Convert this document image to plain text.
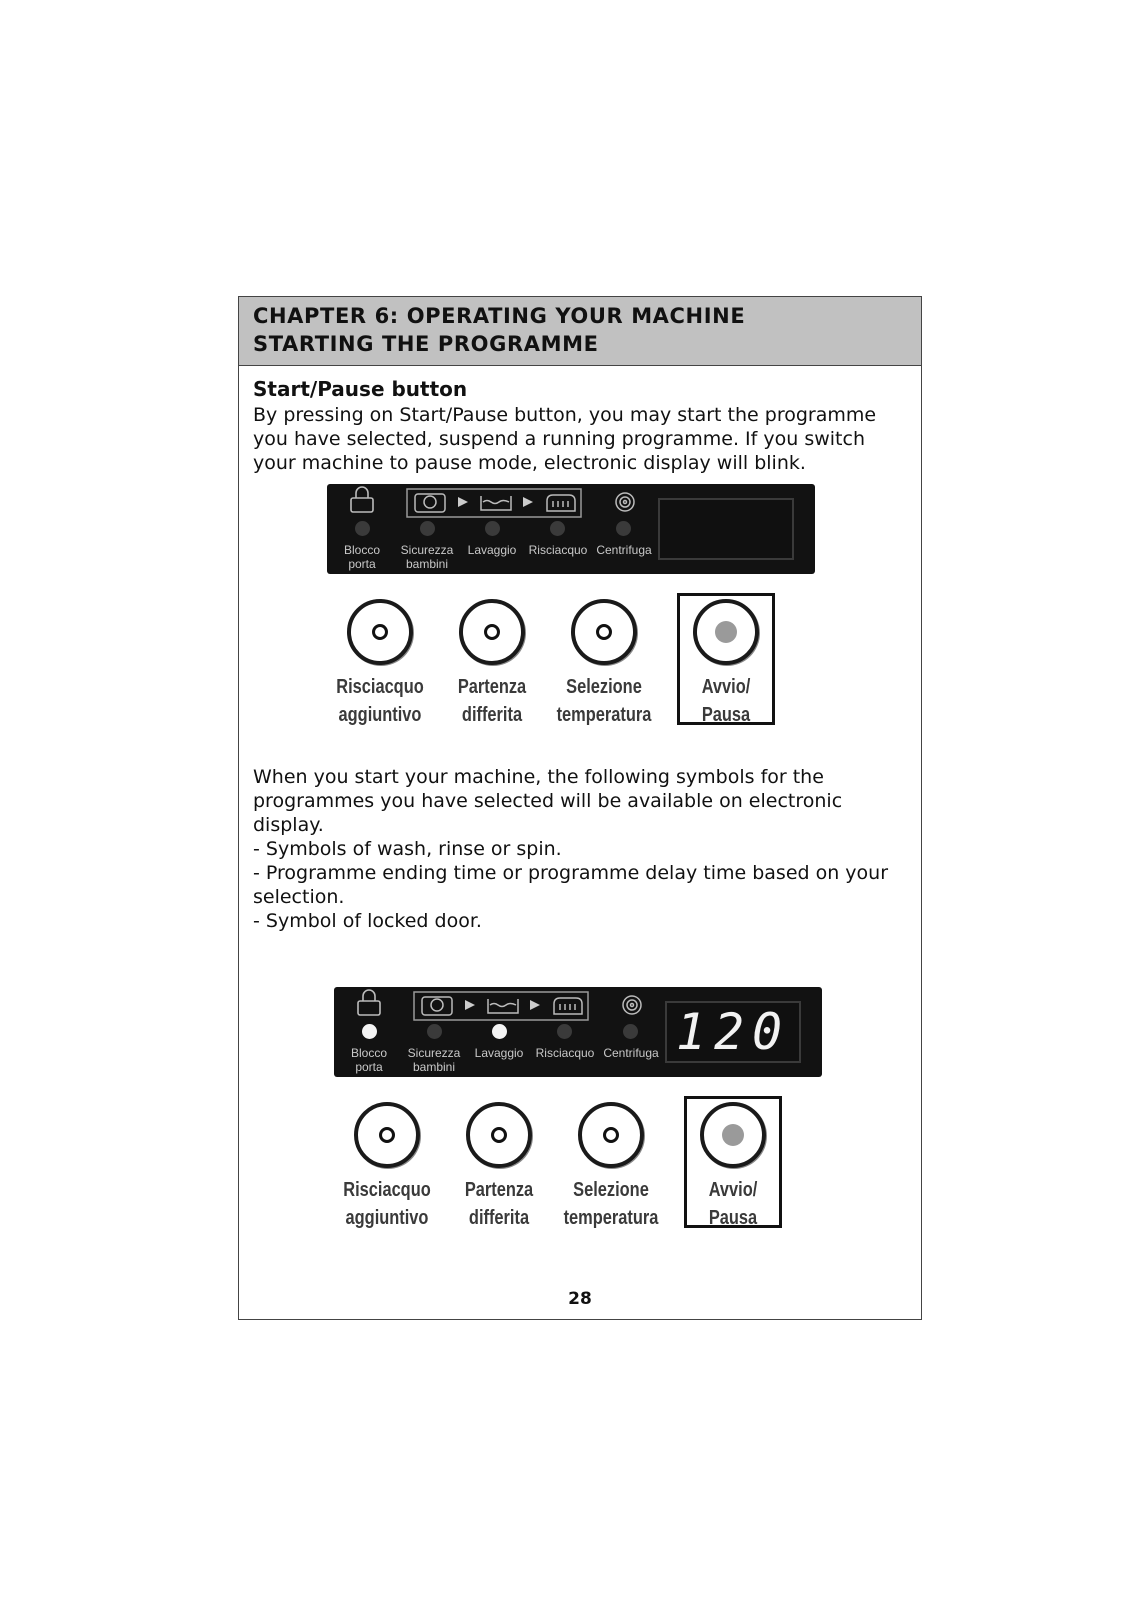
CHAPTER 6: OPERATING YOUR MACHINE
STARTING THE PROGRAMME
Start/Pause button
By pressing on Start/Pause button, you may start the programme you have selected, suspend a running programme. If you switch your machine to pause mode, electronic display will blink.
Blocco
porta
Sicurezza
bambini
Lavaggio	Risciacquo Centrifuga
Risciacquo
aggiuntivo
Partenza
differita
Selezione
temperatura
Avvio/
Pausa
When you start your machine, the following symbols for the programmes you have selected will be available on electronic display.
- Symbols of wash, rinse or spin.
- Programme ending time or programme delay time based on your selection.
- Symbol of locked door.
Blocco
porta
Sicurezza
bambini
Lavaggio	Risciacquo Centrifuga 120
Risciacquo
aggiuntivo
Partenza
differita
Selezione
temperatura
Avvio/
Pausa
28
